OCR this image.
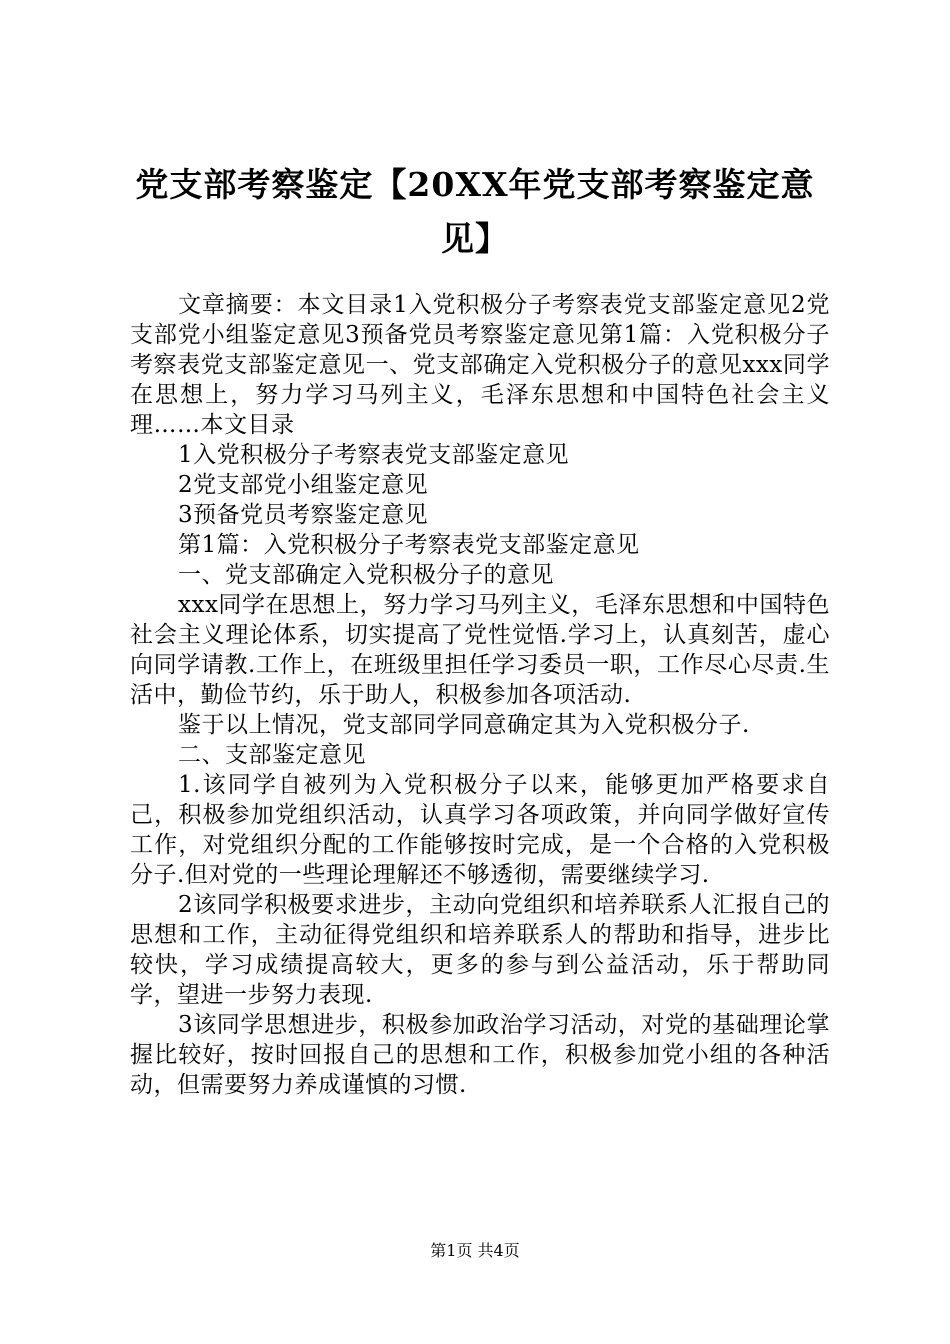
党支部考察鉴定【20XX年党支部考察鉴定意见】

文章摘要：本文目录1入党积极分子考察表党支部鉴定意见2党支部党小组鉴定意见3预备党员考察鉴定意见第1篇：入党积极分子考察表党支部鉴定意见一、党支部确定入党积极分子的意见xxx同学在思想上，努力学习马列主义，毛泽东思想和中国特色社会主义理……本文目录

1入党积极分子考察表党支部鉴定意见

2党支部党小组鉴定意见

3预备党员考察鉴定意见

第1篇：入党积极分子考察表党支部鉴定意见

一、党支部确定入党积极分子的意见

xxx同学在思想上，努力学习马列主义，毛泽东思想和中国特色社会主义理论体系，切实提高了党性觉悟.学习上，认真刻苦，虚心向同学请教.工作上，在班级里担任学习委员一职，工作尽心尽责.生活中，勤俭节约，乐于助人，积极参加各项活动.

鉴于以上情况，党支部同学同意确定其为入党积极分子.

二、支部鉴定意见

1.该同学自被列为入党积极分子以来，能够更加严格要求自己，积极参加党组织活动，认真学习各项政策，并向同学做好宣传工作，对党组织分配的工作能够按时完成，是一个合格的入党积极分子.但对党的一些理论理解还不够透彻，需要继续学习.

2该同学积极要求进步，主动向党组织和培养联系人汇报自己的思想和工作，主动征得党组织和培养联系人的帮助和指导，进步比较快，学习成绩提高较大，更多的参与到公益活动，乐于帮助同学，望进一步努力表现.

3该同学思想进步，积极参加政治学习活动，对党的基础理论掌握比较好，按时回报自己的思想和工作，积极参加党小组的各种活动，但需要努力养成谨慎的习惯.

第1页 共4页
